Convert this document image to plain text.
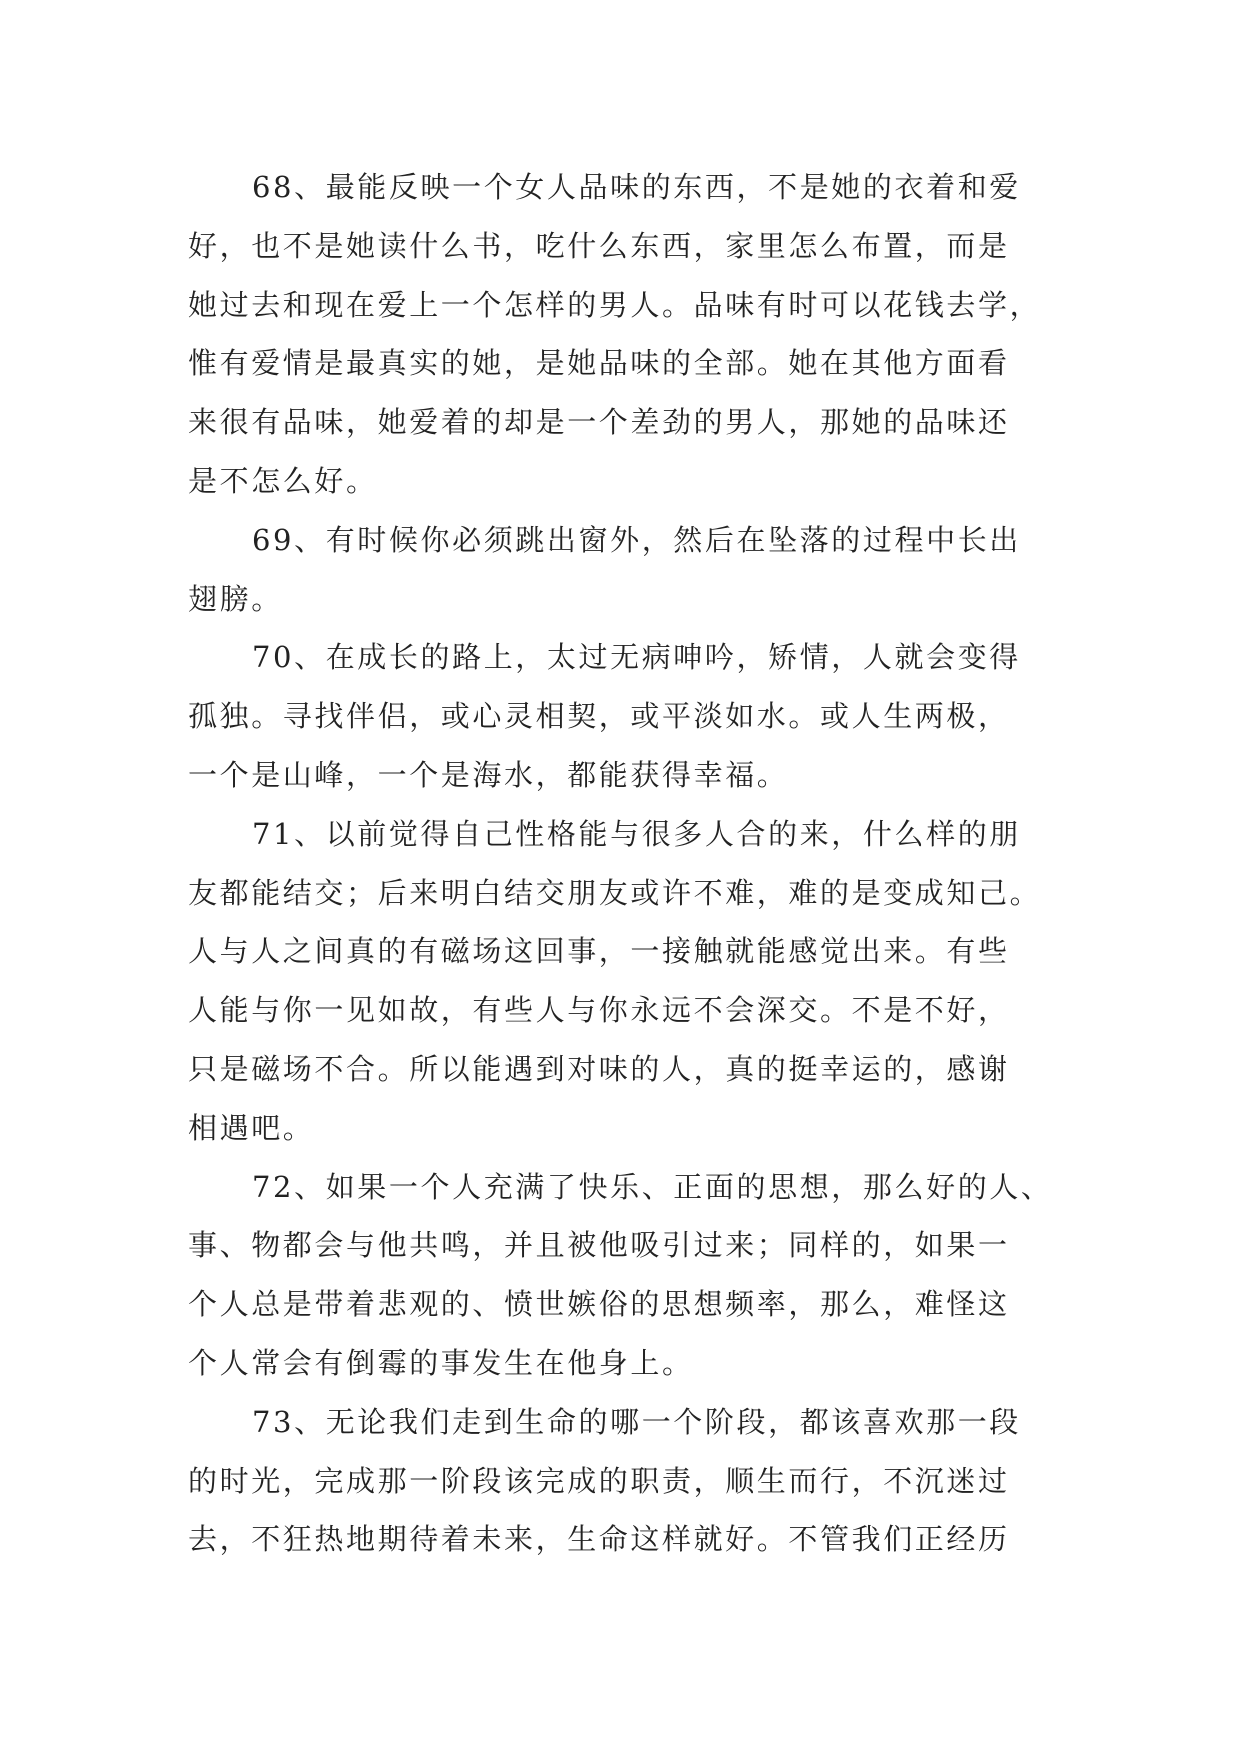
68、最能反映一个女人品味的东西，不是她的衣着和爱
好，也不是她读什么书，吃什么东西，家里怎么布置，而是
她过去和现在爱上一个怎样的男人。品味有时可以花钱去学，
惟有爱情是最真实的她，是她品味的全部。她在其他方面看
来很有品味，她爱着的却是一个差劲的男人，那她的品味还
是不怎么好。
69、有时候你必须跳出窗外，然后在坠落的过程中长出
翅膀。
70、在成长的路上，太过无病呻吟，矫情，人就会变得
孤独。寻找伴侣，或心灵相契，或平淡如水。或人生两极，
一个是山峰，一个是海水，都能获得幸福。
71、以前觉得自己性格能与很多人合的来，什么样的朋
友都能结交；后来明白结交朋友或许不难，难的是变成知己。
人与人之间真的有磁场这回事，一接触就能感觉出来。有些
人能与你一见如故，有些人与你永远不会深交。不是不好，
只是磁场不合。所以能遇到对味的人，真的挺幸运的，感谢
相遇吧。
72、如果一个人充满了快乐、正面的思想，那么好的人、
事、物都会与他共鸣，并且被他吸引过来；同样的，如果一
个人总是带着悲观的、愤世嫉俗的思想频率，那么，难怪这
个人常会有倒霉的事发生在他身上。
73、无论我们走到生命的哪一个阶段，都该喜欢那一段
的时光，完成那一阶段该完成的职责，顺生而行，不沉迷过
去，不狂热地期待着未来，生命这样就好。不管我们正经历
